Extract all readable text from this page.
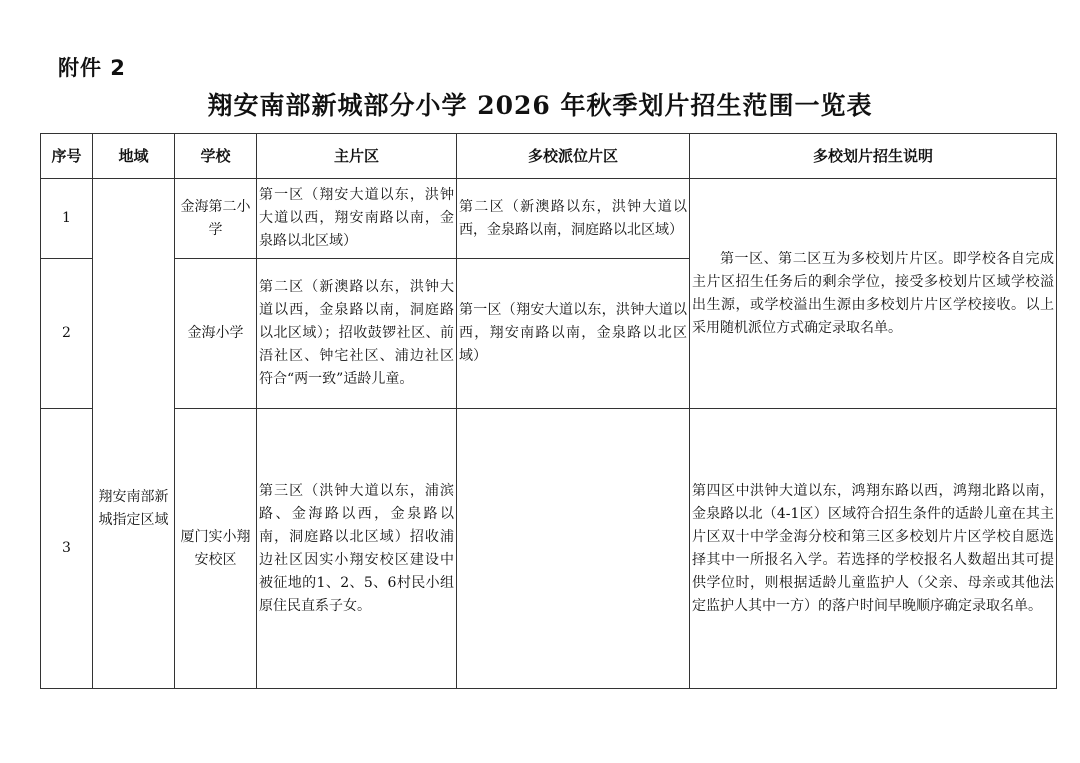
附件 2
翔安南部新城部分小学 2026 年秋季划片招生范围一览表
序号	地域	学校	主片区	多校派位片区	多校划片招生说明
1	翔安南部新城指定区域	金海第二小学	第一区（翔安大道以东，洪钟大道以西，翔安南路以南，金泉路以北区域）	第二区（新澳路以东，洪钟大道以西，金泉路以南，洞庭路以北区域）	第一区、第二区互为多校划片片区。即学校各自完成主片区招生任务后的剩余学位，接受多校划片区域学校溢出生源，或学校溢出生源由多校划片片区学校接收。以上采用随机派位方式确定录取名单。
2		金海小学	第二区（新澳路以东，洪钟大道以西，金泉路以南，洞庭路以北区域）；招收鼓锣社区、前浯社区、钟宅社区、浦边社区符合“两一致”适龄儿童。	第一区（翔安大道以东，洪钟大道以西，翔安南路以南，金泉路以北区域）	
3		厦门实小翔安校区	第三区（洪钟大道以东，浦滨路、金海路以西，金泉路以南，洞庭路以北区域）招收浦边社区因实小翔安校区建设中被征地的1、2、5、6村民小组原住民直系子女。		第四区中洪钟大道以东，鸿翔东路以西，鸿翔北路以南，金泉路以北（4-1区）区域符合招生条件的适龄儿童在其主片区双十中学金海分校和第三区多校划片片区学校自愿选择其中一所报名入学。若选择的学校报名人数超出其可提供学位时，则根据适龄儿童监护人（父亲、母亲或其他法定监护人其中一方）的落户时间早晚顺序确定录取名单。
